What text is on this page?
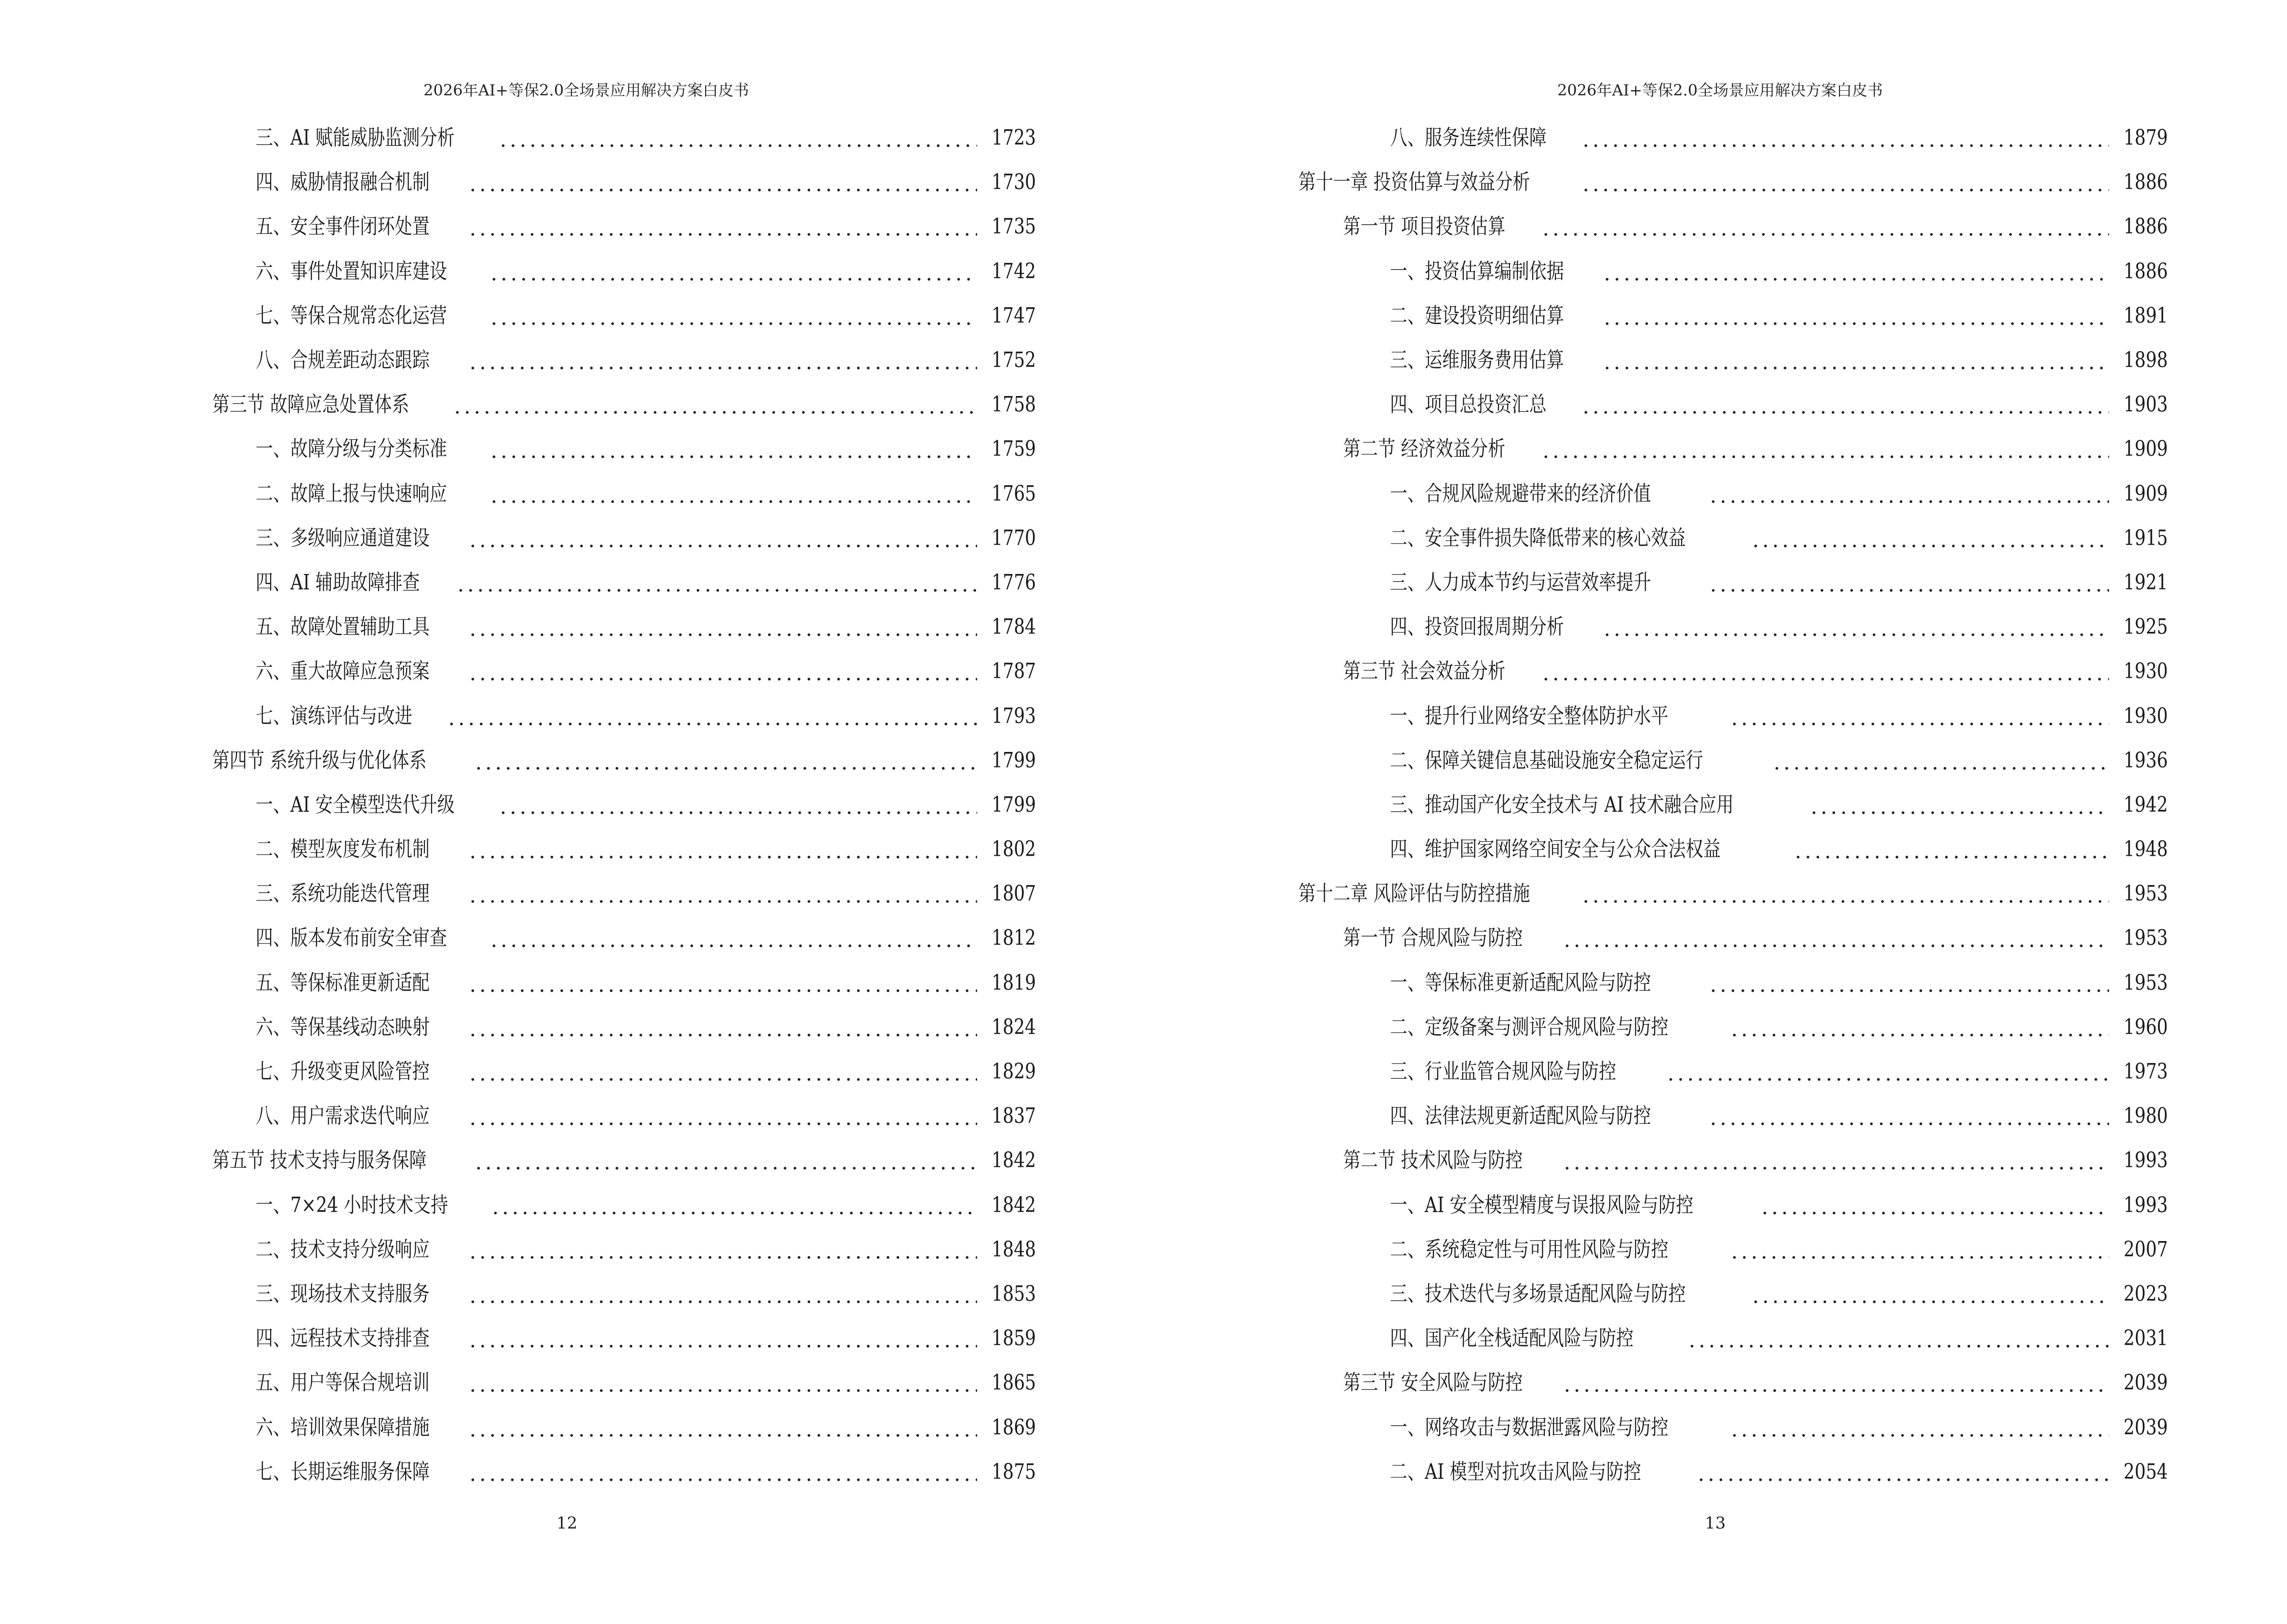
2026年AI+等保2.0全场景应用解决方案白皮书
三、AI 赋能威胁监测分析	1723
四、威胁情报融合机制	1730
五、安全事件闭环处置	1735
六、事件处置知识库建设	1742
七、等保合规常态化运营	1747
八、合规差距动态跟踪	1752
第三节 故障应急处置体系	1758
一、故障分级与分类标准	1759
二、故障上报与快速响应	1765
三、多级响应通道建设	1770
四、AI 辅助故障排查	1776
五、故障处置辅助工具	1784
六、重大故障应急预案	1787
七、演练评估与改进	1793
第四节 系统升级与优化体系	1799
一、AI 安全模型迭代升级	1799
二、模型灰度发布机制	1802
三、系统功能迭代管理	1807
四、版本发布前安全审查	1812
五、等保标准更新适配	1819
六、等保基线动态映射	1824
七、升级变更风险管控	1829
八、用户需求迭代响应	1837
第五节 技术支持与服务保障	1842
一、7×24 小时技术支持	1842
二、技术支持分级响应	1848
三、现场技术支持服务	1853
四、远程技术支持排查	1859
五、用户等保合规培训	1865
六、培训效果保障措施	1869
七、长期运维服务保障	1875
12
2026年AI+等保2.0全场景应用解决方案白皮书
八、服务连续性保障	1879
第十一章 投资估算与效益分析	1886
第一节 项目投资估算	1886
一、投资估算编制依据	1886
二、建设投资明细估算	1891
三、运维服务费用估算	1898
四、项目总投资汇总	1903
第二节 经济效益分析	1909
一、合规风险规避带来的经济价值	1909
二、安全事件损失降低带来的核心效益	1915
三、人力成本节约与运营效率提升	1921
四、投资回报周期分析	1925
第三节 社会效益分析	1930
一、提升行业网络安全整体防护水平	1930
二、保障关键信息基础设施安全稳定运行	1936
三、推动国产化安全技术与 AI 技术融合应用	1942
四、维护国家网络空间安全与公众合法权益	1948
第十二章 风险评估与防控措施	1953
第一节 合规风险与防控	1953
一、等保标准更新适配风险与防控	1953
二、定级备案与测评合规风险与防控	1960
三、行业监管合规风险与防控	1973
四、法律法规更新适配风险与防控	1980
第二节 技术风险与防控	1993
一、AI 安全模型精度与误报风险与防控	1993
二、系统稳定性与可用性风险与防控	2007
三、技术迭代与多场景适配风险与防控	2023
四、国产化全栈适配风险与防控	2031
第三节 安全风险与防控	2039
一、网络攻击与数据泄露风险与防控	2039
二、AI 模型对抗攻击风险与防控	2054
13
